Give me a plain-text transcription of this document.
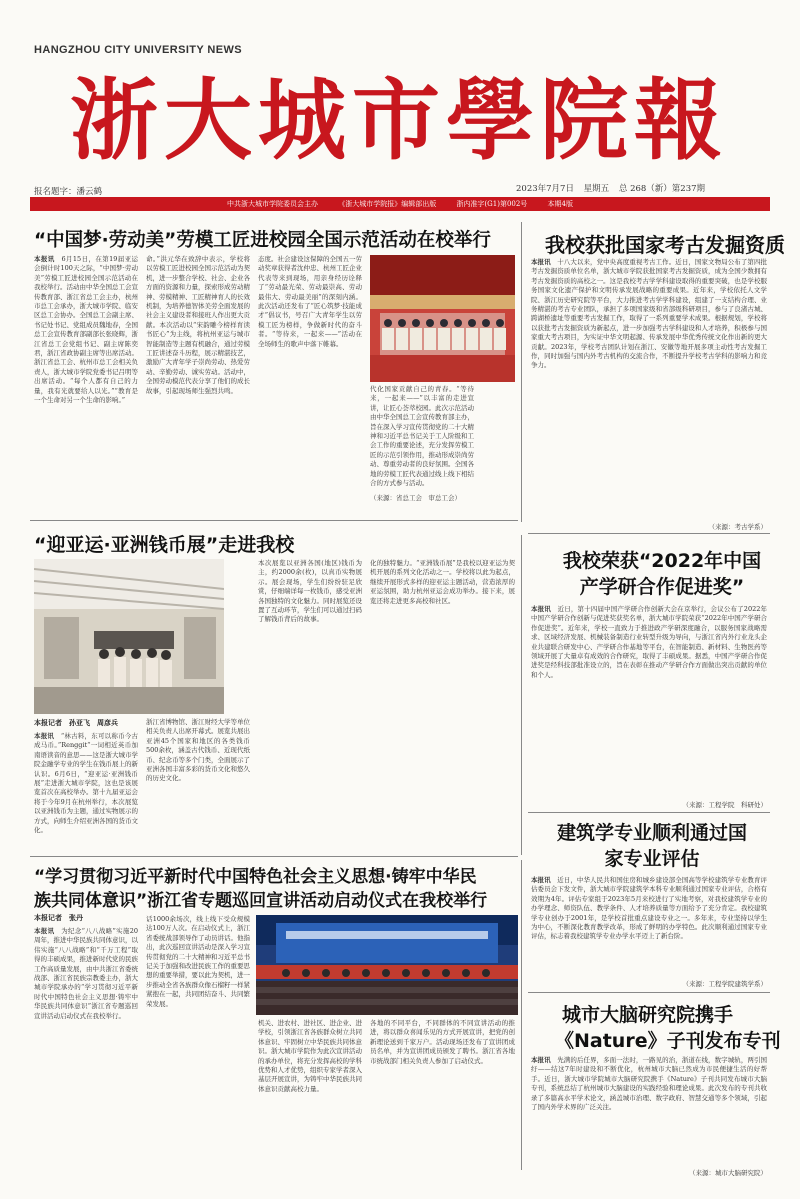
HANGZHOU CITY UNIVERSITY NEWS
浙大城市學院報
报名题字：潘云鹤	2023年7月7日 星期五 总 268（新）第237期
中共浙大城市学院委员会主办	《浙大城市学院报》编辑部出版	浙内准字(G1)第002号	本期4版
“中国梦·劳动美”劳模工匠进校园全国示范活动在校举行
本报讯　6月15日，在第19届亚运会倒计时100天之际，“中国梦·劳动美”劳模工匠进校园全国示范活动在我校举行。活动由中华全国总工会宣传教育部、浙江省总工会主办，杭州市总工会承办，浙大城市学院、临安区总工会协办。全国总工会副主席、书记处书记、党组成员魏地春，全国总工会宣传教育部副部长张晓辉，浙江省总工会党组书记、副主席陈奕君，浙江省政协副主席等出席活动。浙江省总工会、杭州市总工会相关负责人，浙大城市学院党委书记吕明等出席活动。“每个人都有自己的力量，我有光就要给人以光。”“教育是一个生命对另一个生命的影响。”
命。”洪元华在致辞中表示，学校将以劳模工匠进校园全国示范活动为契机，进一步整合学校、社会、企业各方面的资源和力量，探索形成劳动精神、劳模精神、工匠精神育人的长效机制，为培养德智体美劳全面发展的社会主义建设者和接班人作出更大贡献。本次活动以“宋韵雕今榜样育读书匠心”为主线，将杭州亚运与城市智能制造等主题有机融合，通过劳模工匠讲述奋斗历程，展示精湛技艺，激励广大青年学子崇尚劳动、热爱劳动、辛勤劳动、诚实劳动。活动中，全国劳动模范代表分享了他们的成长故事，引起现场师生强烈共鸣。
态度。社会建设这保障的全国五一劳动奖章获得者沈仲忠、杭州工匠企业代表等来到现场，用亲身经历诠释了“劳动最光荣、劳动最崇高、劳动最伟大、劳动最美丽”的深刻内涵。此次活动还发布了“匠心筑梦·技能成才”倡议书，号召广大青年学生以劳模工匠为榜样，争做新时代的奋斗者。“等待来，一起来——”活动在全场师生的歌声中落下帷幕。
代化国家贡献自己的青春。“等待来，一起来——”以丰富的走进宣讲，让匠心荟萃校园。此次示范活动由中华全国总工会宣传教育部主办，旨在深入学习宣传贯彻党的二十大精神和习近平总书记关于工人阶级和工会工作的重要论述，充分发挥劳模工匠的示范引领作用，推动形成崇尚劳动、尊重劳动者的良好氛围。全国各地的劳模工匠代表通过线上线下相结合的方式参与活动。
（来源：省总工会　审总工会）
我校获批国家考古发掘资质
本报讯　十八大以来，党中央高度重视考古工作。近日，国家文物局公布了第四批考古发掘资质单位名单，浙大城市学院获批国家考古发掘资质，成为全国少数拥有考古发掘资质的高校之一。这是我校考古学学科建设取得的重要突破，也是学校服务国家文化遗产保护和文明传承发展战略的重要成果。近年来，学校依托人文学院、浙江历史研究院等平台，大力推进考古学学科建设，组建了一支结构合理、业务精湛的考古专业团队，承担了多项国家级和省部级科研项目，参与了良渚古城、跨湖桥遗址等重要考古发掘工作，取得了一系列重要学术成果。根据规划，学校将以获批考古发掘资质为新起点，进一步加强考古学科建设和人才培养，积极参与国家重大考古项目，为实证中华文明起源、传承发展中华优秀传统文化作出新的更大贡献。2023年，学校考古团队计划在浙江、安徽等地开展多项主动性考古发掘工作，同时加强与国内外考古机构的交流合作，不断提升学校考古学科的影响力和竞争力。
（来源：考古学系）
“迎亚运·亚洲钱币展”走进我校
本报记者　孙亚飞　周彦兵
本报讯　“林古料，东可以称币今古成马币。”Renggit“一词相近英币加南语读音的意思——这是浙大城市学院金融学专业的学生在钱币展上的新认识。6月6日，“迎亚运·亚洲钱币展”走进浙大城市学院，这也是该展览首次在高校举办。第十九届亚运会将于今年9月在杭州举行，本次展览以亚洲钱币为主题，通过实物展示的方式，向师生介绍亚洲各国的货币文化。
浙江省博物馆、浙江财经大学等单位相关负责人出席开幕式。展览共展出亚洲45个国家和地区的各类钱币500余枚，涵盖古代钱币、近现代纸币、纪念币等多个门类，全面展示了亚洲各国丰富多彩的货币文化和悠久的历史文化。
本次展览以亚洲各国(地区)钱币为主，约2000余(枚)，以真币实物展示。展会现场，学生们纷纷驻足欣赏，仔细端详每一枚钱币，感受亚洲各国独特的文化魅力。同时展览还设置了互动环节，学生们可以通过扫码了解钱币背后的故事。
化的独特魅力。“亚洲钱币展”是我校以迎亚运为契机开展的系列文化活动之一。学校将以此为起点，继续开展形式多样的迎亚运主题活动，营造浓厚的亚运氛围，助力杭州亚运会成功举办。接下来，展览还将走进更多高校和社区。
我校荣获“2022年中国产学研合作促进奖”
本报讯　近日，第十四届中国产学研合作创新大会在京举行，会议公布了2022年中国产学研合作创新与促进奖获奖名单，浙大城市学院荣获“2022年中国产学研合作促进奖”。近年来，学校一直致力于推进政产学研深度融合，以服务国家战略需求、区域经济发展、机械装备制造行业转型升级为导向，与浙江省内外行业龙头企业共建联合研发中心、产学研合作基地等平台，在智能制造、新材料、生物医药等领域开展了大量卓有成效的合作研究，取得了丰硕成果。据悉，中国产学研合作促进奖是经科技部批准设立的，旨在表彰在推动产学研合作方面做出突出贡献的单位和个人。
（来源：工程学院　科研处）
建筑学专业顺利通过国家专业评估
本报讯　近日，中华人民共和国住房和城乡建设部全国高等学校建筑学专业教育评估委员会下发文件，浙大城市学院建筑学本科专业顺利通过国家专业评估，合格有效期为4年。评估专家组于2023年5月来校进行了实地考察，对我校建筑学专业的办学理念、师资队伍、教学条件、人才培养质量等方面给予了充分肯定。我校建筑学专业创办于2001年，是学校首批重点建设专业之一。多年来，专业坚持以学生为中心，不断深化教育教学改革，形成了鲜明的办学特色。此次顺利通过国家专业评估，标志着我校建筑学专业办学水平迈上了新台阶。
（来源：工程学院建筑学系）
“学习贯彻习近平新时代中国特色社会主义思想·铸牢中华民
族共同体意识”浙江省专题巡回宣讲活动启动仪式在我校举行
本报记者　张丹
本报讯　为纪念“八八战略”实施20周年，推进中华民族共同体意识，以伟实施“八八战略”和“千万工程”取得的丰硕成果，推进新时代党的民族工作高质量发展，由中共浙江省委统战部、浙江省民族宗教委主办，浙大城市学院承办的“学习贯彻习近平新时代中国特色社会主义思想·铸牢中华民族共同体意识”浙江省专题巡回宣讲活动启动仪式在我校举行。
话1000余场次，线上线下受众规模达100万人次。在启动仪式上，浙江省委统战部领导作了动员讲话。他指出，此次巡回宣讲活动是深入学习宣传贯彻党的二十大精神和习近平总书记关于加强和改进民族工作的重要思想的重要举措，要以此为契机，进一步推动全省各族群众像石榴籽一样紧紧抱在一起，共同团结奋斗、共同繁荣发展。
机关、进农村、进社区、进企业、进学校，引领浙江省各族群众树立共同体意识、牢固树立中华民族共同体意识。浙大城市学院作为此次宣讲活动的承办单位，将充分发挥高校的学科优势和人才优势，组织专家学者深入基层开展宣讲，为铸牢中华民族共同体意识贡献高校力量。
各地的不同平台，不同群体的不同宣讲活动的推进，将以群众喜闻乐见的方式开展宣讲，把党的创新理论送到千家万户。活动现场还发布了宣讲团成员名单，并为宣讲团成员颁发了聘书。浙江省各地市统战部门相关负责人参加了启动仪式。
城市大脑研究院携手
《Nature》子刊发布专刊
本报讯　先满的后任界，多面一法时，一路见的治，浙道在线，数字城轨，两引国纡——结这7年时建设和不断优化，杭州城市大脑已然成为市民便捷生活的好帮手。近日，浙大城市学院城市大脑研究院携手《Nature》子刊共同发布城市大脑专刊，系统总结了杭州城市大脑建设的实践经验和理论成果。此次发布的专刊共收录了多篇高水平学术论文，涵盖城市治理、数字政府、智慧交通等多个领域，引起了国内外学术界的广泛关注。
（来源：城市大脑研究院）
